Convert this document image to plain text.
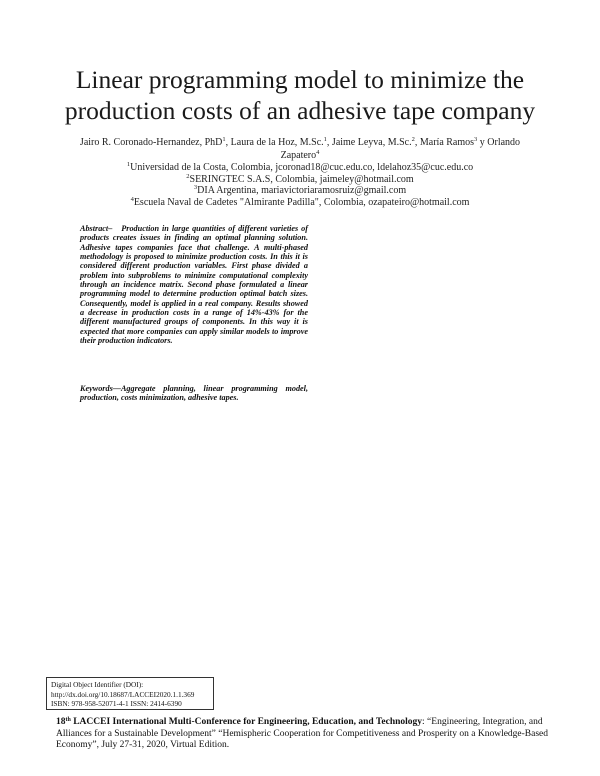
Linear programming model to minimize the
production costs of an adhesive tape company
Jairo R. Coronado-Hernandez, PhD$^1$, Laura de la Hoz, M.Sc.$^1$, Jaime Leyva, M.Sc.$^2$, María Ramos$^3$ y Orlando Zapatero$^4$
$^1$Universidad de la Costa, Colombia, jcoronad18@cuc.edu.co, ldelahoz35@cuc.edu.co
$^2$SERINGTEC S.A.S, Colombia, jaimeley@hotmail.com
$^3$DIA Argentina, mariavictoriaramosruiz@gmail.com
$^4$Escuela Naval de Cadetes "Almirante Padilla", Colombia, ozapateiro@hotmail.com
Abstract– Production in large quantities of different varieties of products creates issues in finding an optimal planning solution. Adhesive tapes companies face that challenge. A multi-phased methodology is proposed to minimize production costs. In this it is considered different production variables. First phase divided a problem into subproblems to minimize computational complexity through an incidence matrix. Second phase formulated a linear programming model to determine production optimal batch sizes. Consequently, model is applied in a real company. Results showed a decrease in production costs in a range of 14%-43% for the different manufactured groups of components. In this way it is expected that more companies can apply similar models to improve their production indicators.
Keywords—Aggregate planning, linear programming model, production, costs minimization, adhesive tapes.
Digital Object Identifier (DOI):
http://dx.doi.org/10.18687/LACCEI2020.1.1.369
ISBN: 978-958-52071-4-1 ISSN: 2414-6390
18th LACCEI International Multi-Conference for Engineering, Education, and Technology: “Engineering, Integration, and Alliances for a Sustainable Development” “Hemispheric Cooperation for Competitiveness and Prosperity on a Knowledge-Based Economy”, July 27-31, 2020, Virtual Edition.
